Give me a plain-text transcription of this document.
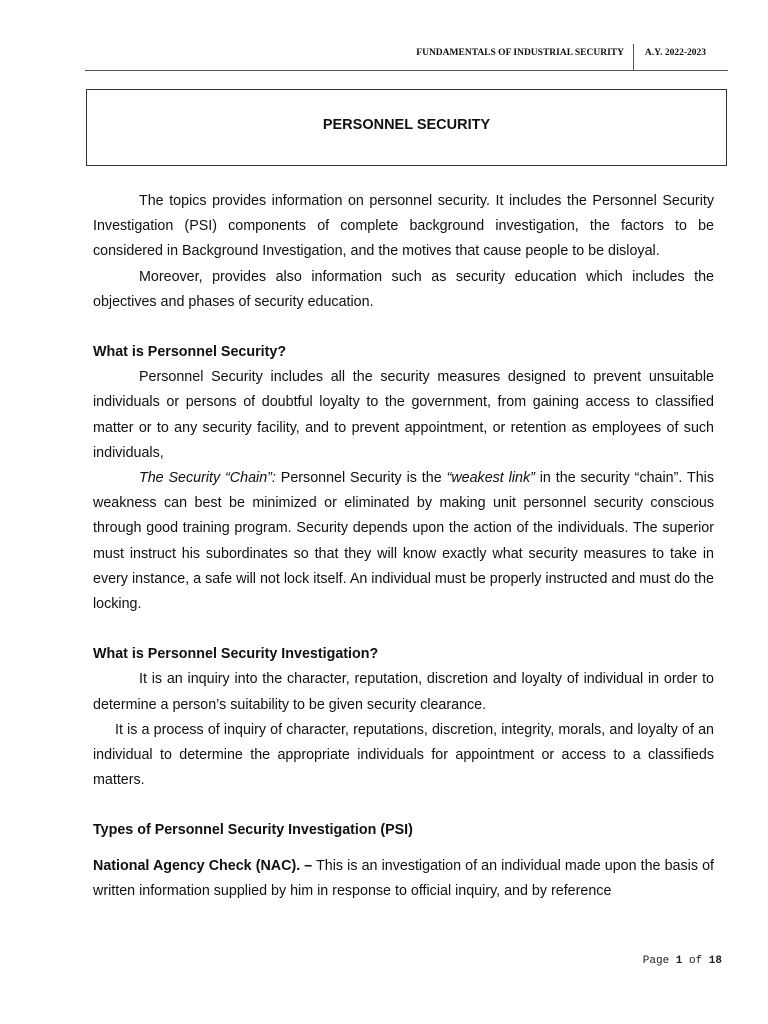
FUNDAMENTALS OF INDUSTRIAL SECURITY A.Y. 2022-2023
PERSONNEL SECURITY

The topics provides information on personnel security. It includes the Personnel Security Investigation (PSI) components of complete background investigation, the factors to be considered in Background Investigation, and the motives that cause people to be disloyal.

Moreover, provides also information such as security education which includes the objectives and phases of security education.

What is Personnel Security?

Personnel Security includes all the security measures designed to prevent unsuitable individuals or persons of doubtful loyalty to the government, from gaining access to classified matter or to any security facility, and to prevent appointment, or retention as employees of such individuals,

The Security “Chain”: Personnel Security is the “weakest link” in the security “chain”. This weakness can best be minimized or eliminated by making unit personnel security conscious through good training program. Security depends upon the action of the individuals. The superior must instruct his subordinates so that they will know exactly what security measures to take in every instance, a safe will not lock itself. An individual must be properly instructed and must do the locking.

What is Personnel Security Investigation?

It is an inquiry into the character, reputation, discretion and loyalty of individual in order to determine a person’s suitability to be given security clearance.

It is a process of inquiry of character, reputations, discretion, integrity, morals, and loyalty of an individual to determine the appropriate individuals for appointment or access to a classifieds matters.

Types of Personnel Security Investigation (PSI)

National Agency Check (NAC). – This is an investigation of an individual made upon the basis of written information supplied by him in response to official inquiry, and by reference

Page 1 of 18
